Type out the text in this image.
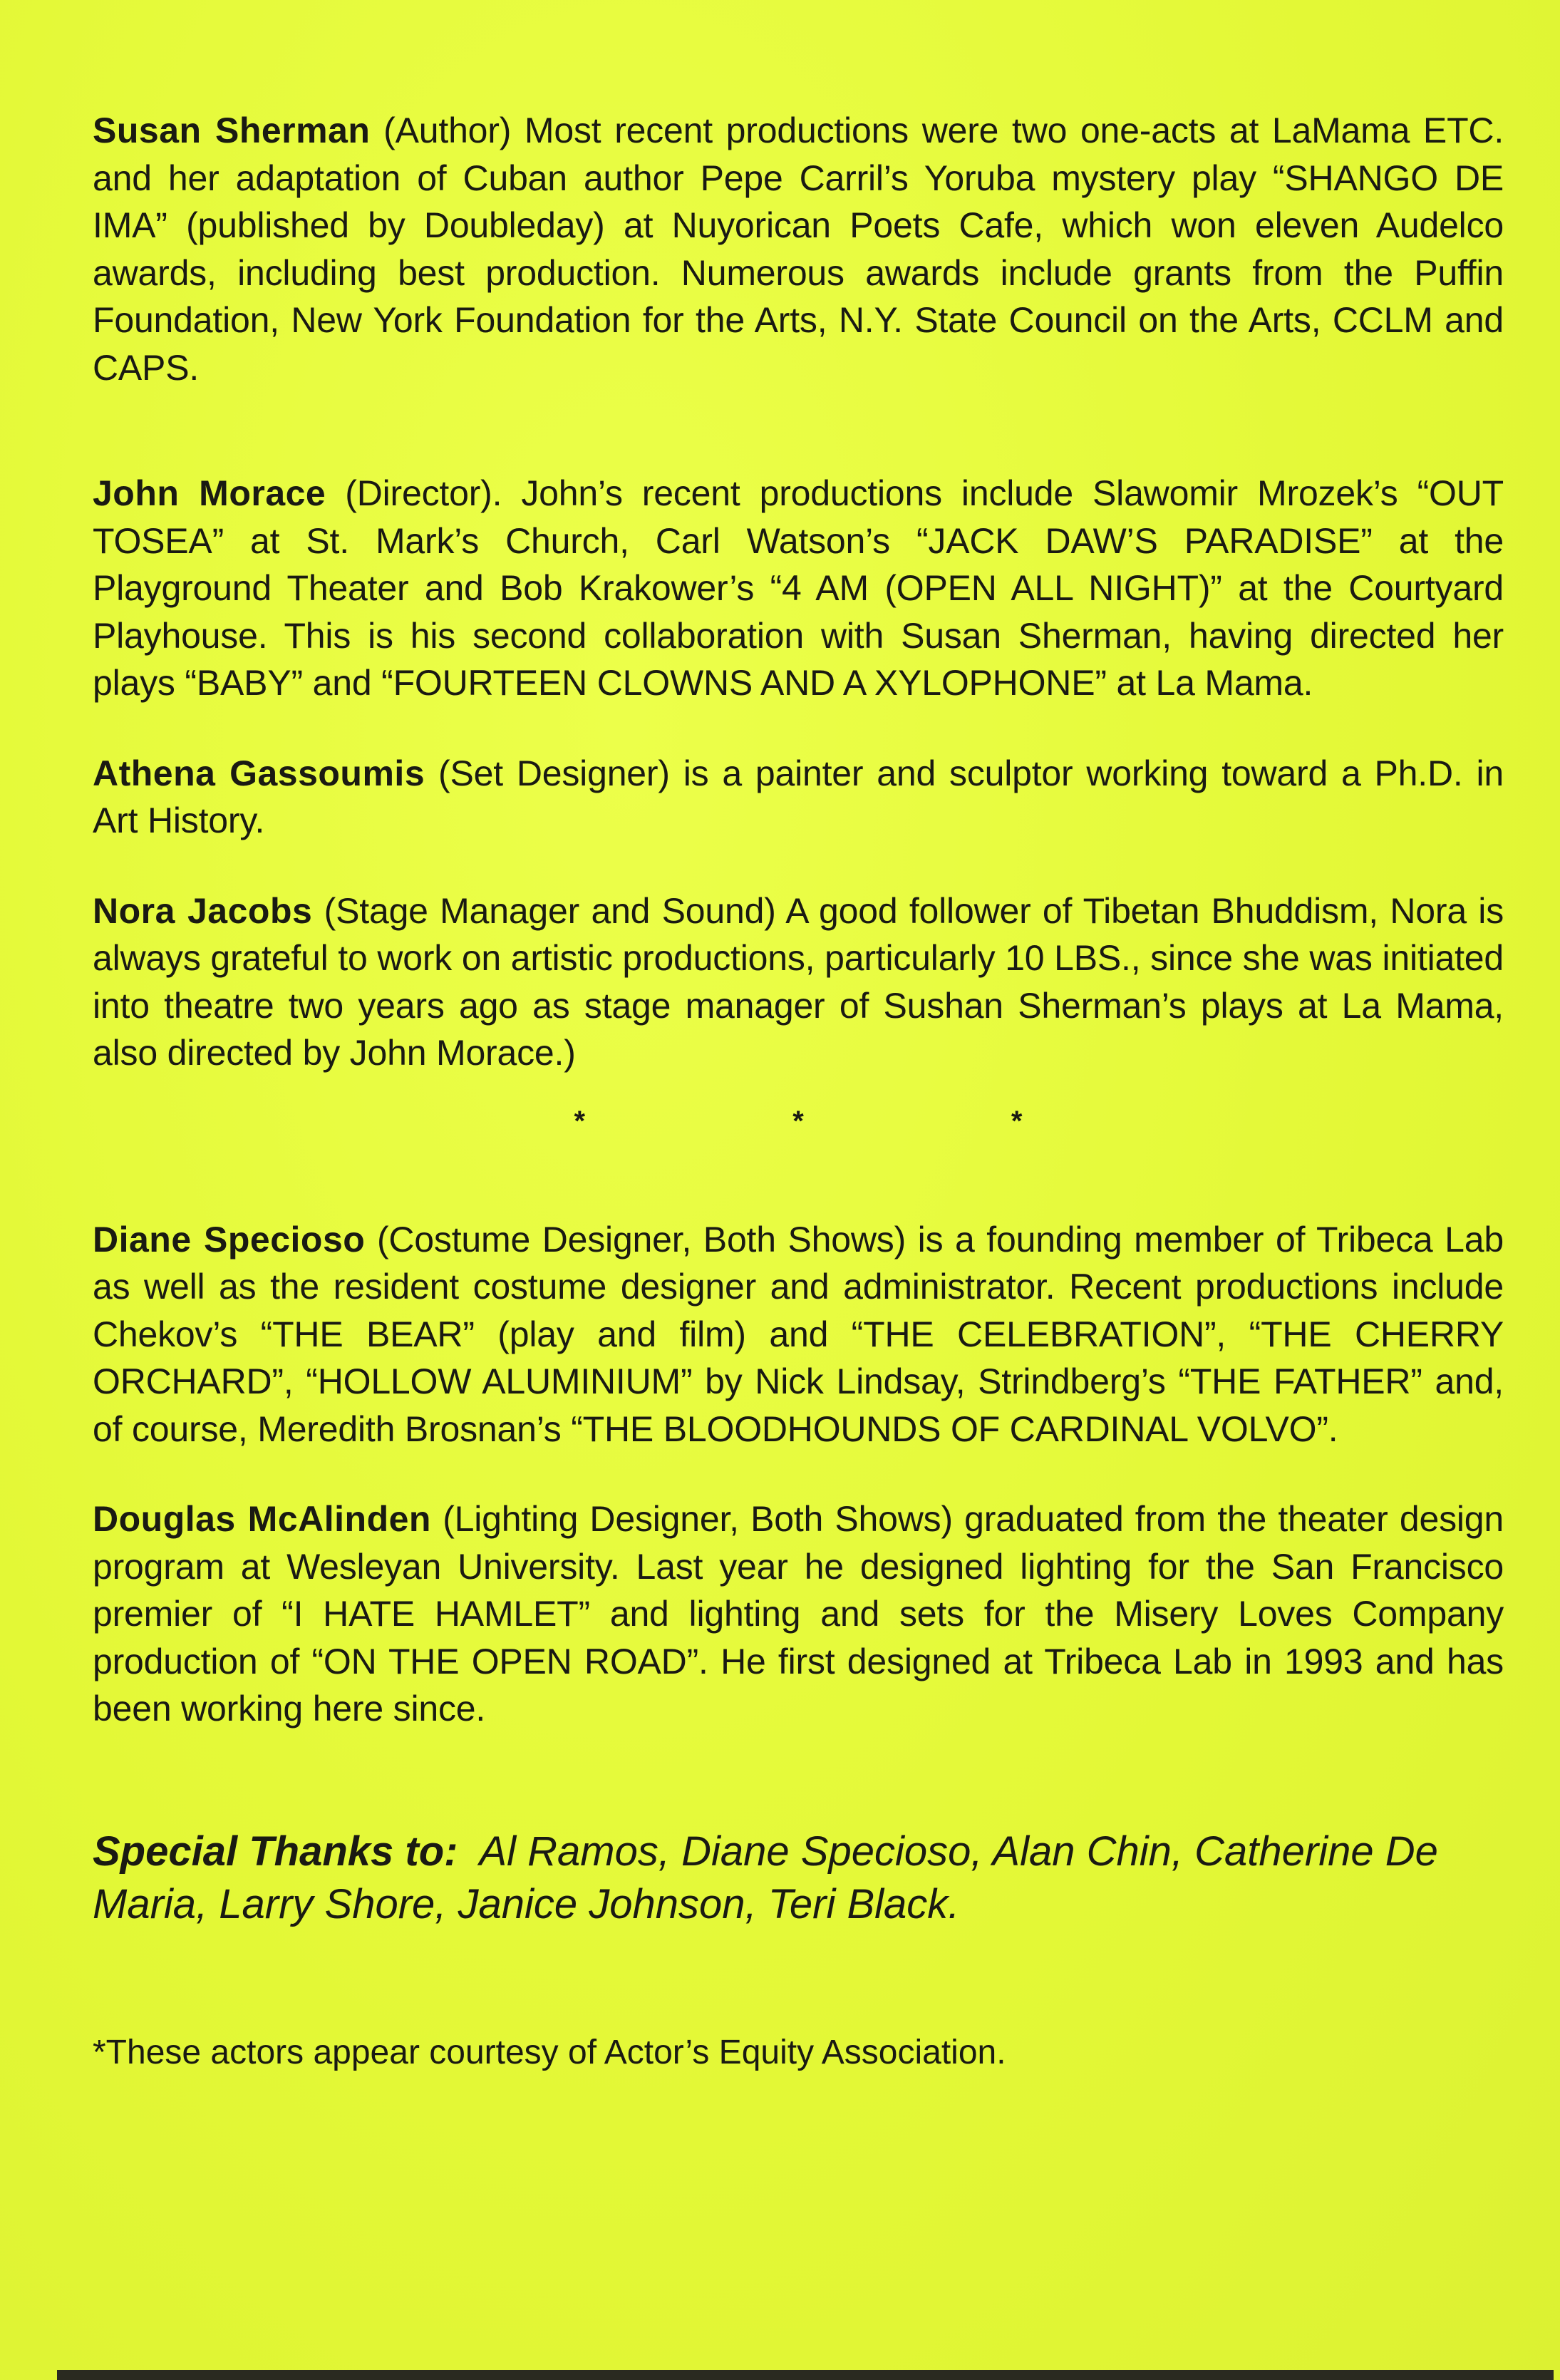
Susan Sherman (Author) Most recent productions were two one-acts at LaMama ETC. and her adaptation of Cuban author Pepe Carril’s Yoruba mystery play “SHANGO DE IMA” (published by Doubleday) at Nuyorican Poets Cafe, which won eleven Audelco awards, including best production. Numerous awards include grants from the Puffin Foundation, New York Foundation for the Arts, N.Y. State Council on the Arts, CCLM and CAPS.

John Morace (Director). John’s recent productions include Slawomir Mrozek’s “OUT TOSEA” at St. Mark’s Church, Carl Watson’s “JACK DAW’S PARADISE” at the Playground Theater and Bob Krakower’s “4 AM (OPEN ALL NIGHT)” at the Courtyard Playhouse. This is his second collaboration with Susan Sherman, having directed her plays “BABY” and “FOURTEEN CLOWNS AND A XYLOPHONE” at La Mama.

Athena Gassoumis (Set Designer) is a painter and sculptor working toward a Ph.D. in Art History.

Nora Jacobs (Stage Manager and Sound) A good follower of Tibetan Bhuddism, Nora is always grateful to work on artistic productions, particularly 10 LBS., since she was initiated into theatre two years ago as stage manager of Sushan Sherman’s plays at La Mama, also directed by John Morace.)

* * *

Diane Specioso (Costume Designer, Both Shows) is a founding member of Tribeca Lab as well as the resident costume designer and administrator. Recent productions include Chekov’s “THE BEAR” (play and film) and “THE CELEBRATION”, “THE CHERRY ORCHARD”, “HOLLOW ALUMINIUM” by Nick Lindsay, Strindberg’s “THE FATHER” and, of course, Meredith Brosnan’s “THE BLOODHOUNDS OF CARDINAL VOLVO”.

Douglas McAlinden (Lighting Designer, Both Shows) graduated from the theater design program at Wesleyan University. Last year he designed lighting for the San Francisco premier of “I HATE HAMLET” and lighting and sets for the Misery Loves Company production of “ON THE OPEN ROAD”. He first designed at Tribeca Lab in 1993 and has been working here since.

Special Thanks to: Al Ramos, Diane Specioso, Alan Chin, Catherine De Maria, Larry Shore, Janice Johnson, Teri Black.

*These actors appear courtesy of Actor’s Equity Association.
